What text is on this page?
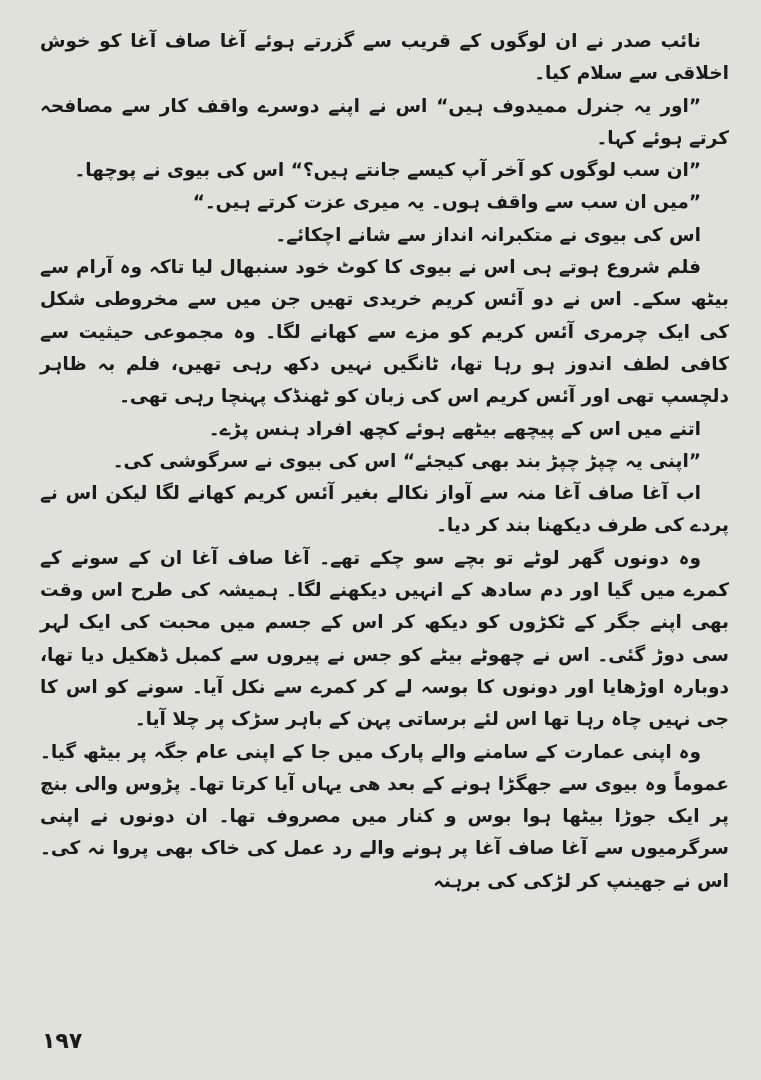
نائب صدر نے ان لوگوں کے قریب سے گزرتے ہوئے آغا صاف آغا کو خوش اخلاقی سے سلام کیا۔

”اور یہ جنرل ممیدوف ہیں“ اس نے اپنے دوسرے واقف کار سے مصافحہ کرتے ہوئے کہا۔

”ان سب لوگوں کو آخر آپ کیسے جانتے ہیں؟“ اس کی بیوی نے پوچھا۔

”میں ان سب سے واقف ہوں۔ یہ میری عزت کرتے ہیں۔“

اس کی بیوی نے متکبرانہ انداز سے شانے اچکائے۔

فلم شروع ہوتے ہی اس نے بیوی کا کوٹ خود سنبھال لیا تاکہ وہ آرام سے بیٹھ سکے۔ اس نے دو آئس کریم خریدی تھیں جن میں سے مخروطی شکل کی ایک چرمری آئس کریم کو مزے سے کھانے لگا۔ وہ مجموعی حیثیت سے کافی لطف اندوز ہو رہا تھا، ٹانگیں نہیں دکھ رہی تھیں، فلم بہ ظاہر دلچسپ تھی اور آئس کریم اس کی زبان کو ٹھنڈک پہنچا رہی تھی۔

اتنے میں اس کے پیچھے بیٹھے ہوئے کچھ افراد ہنس پڑے۔

”اپنی یہ چپڑ چپڑ بند بھی کیجئے“ اس کی بیوی نے سرگوشی کی۔

اب آغا صاف آغا منہ سے آواز نکالے بغیر آئس کریم کھانے لگا لیکن اس نے پردے کی طرف دیکھنا بند کر دیا۔

وہ دونوں گھر لوٹے تو بچے سو چکے تھے۔ آغا صاف آغا ان کے سونے کے کمرے میں گیا اور دم سادھ کے انہیں دیکھنے لگا۔ ہمیشہ کی طرح اس وقت بھی اپنے جگر کے ٹکڑوں کو دیکھ کر اس کے جسم میں محبت کی ایک لہر سی دوڑ گئی۔ اس نے چھوٹے بیٹے کو جس نے پیروں سے کمبل ڈھکیل دیا تھا، دوبارہ اوڑھایا اور دونوں کا بوسہ لے کر کمرے سے نکل آیا۔ سونے کو اس کا جی نہیں چاہ رہا تھا اس لئے برساتی پہن کے باہر سڑک پر چلا آیا۔

وہ اپنی عمارت کے سامنے والے پارک میں جا کے اپنی عام جگہ پر بیٹھ گیا۔ عموماً وہ بیوی سے جھگڑا ہونے کے بعد ھی یہاں آیا کرتا تھا۔ پڑوس والی بنچ پر ایک جوڑا بیٹھا ہوا بوس و کنار میں مصروف تھا۔ ان دونوں نے اپنی سرگرمیوں سے آغا صاف آغا پر ہونے والے رد عمل کی خاک بھی پروا نہ کی۔ اس نے جھینپ کر لڑکی کی برہنہ

۱۹۷
